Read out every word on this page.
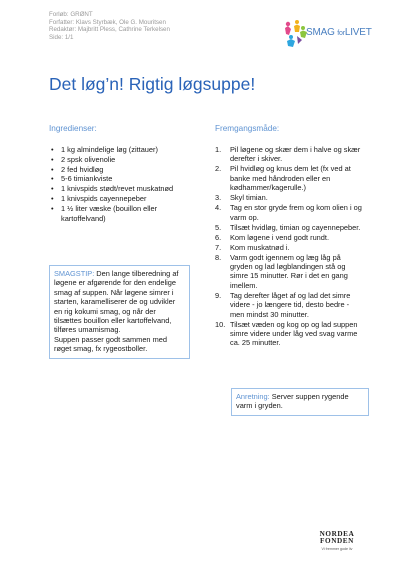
Forløb: GRØNT
Forfatter: Klavs Styrbæk, Ole G. Mouritsen
Redaktør: Majbritt Pless, Cathrine Terkelsen
Side: 1/1	SMAG forLIVET
Det løg’n! Rigtig løgsuppe!
Ingredienser:
• 1 kg almindelige løg (zittauer)
• 2 spsk olivenolie
• 2 fed hvidløg
• 5-6 timiankviste
• 1 knivspids stødt/revet muskatnød
• 1 knivspids cayennepeber
• 1 ½ liter væske (bouillon eller kartoffelvand)
SMAGSTIP: Den lange tilberedning af løgene er afgørende for den endelige smag af suppen. Når løgene simrer i starten, karamelliserer de og udvikler en rig kokumi smag, og når der tilsættes bouillon eller kartoffelvand, tilføres umamismag.
Suppen passer godt sammen med røget smag, fx rygeostboller.
Fremgangsmåde:
1. Pil løgene og skær dem i halve og skær derefter i skiver.
2. Pil hvidløg og knus dem let (fx ved at banke med håndroden eller en kødhammer/kagerulle.)
3. Skyl timian.
4. Tag en stor gryde frem og kom olien i og varm op.
5. Tilsæt hvidløg, timian og cayennepeber.
6. Kom løgene i vend godt rundt.
7. Kom muskatnød i.
8. Varm godt igennem og læg låg på gryden og lad løgblandingen stå og simre 15 minutter. Rør i det en gang imellem.
9. Tag derefter låget af og lad det simre videre - jo længere tid, desto bedre - men mindst 30 minutter.
10. Tilsæt væden og kog op og lad suppen simre videre under låg ved svag varme ca. 25 minutter.
Anretning: Server suppen rygende varm i gryden.
NORDEA
FONDEN
Vi fremmer gode liv
